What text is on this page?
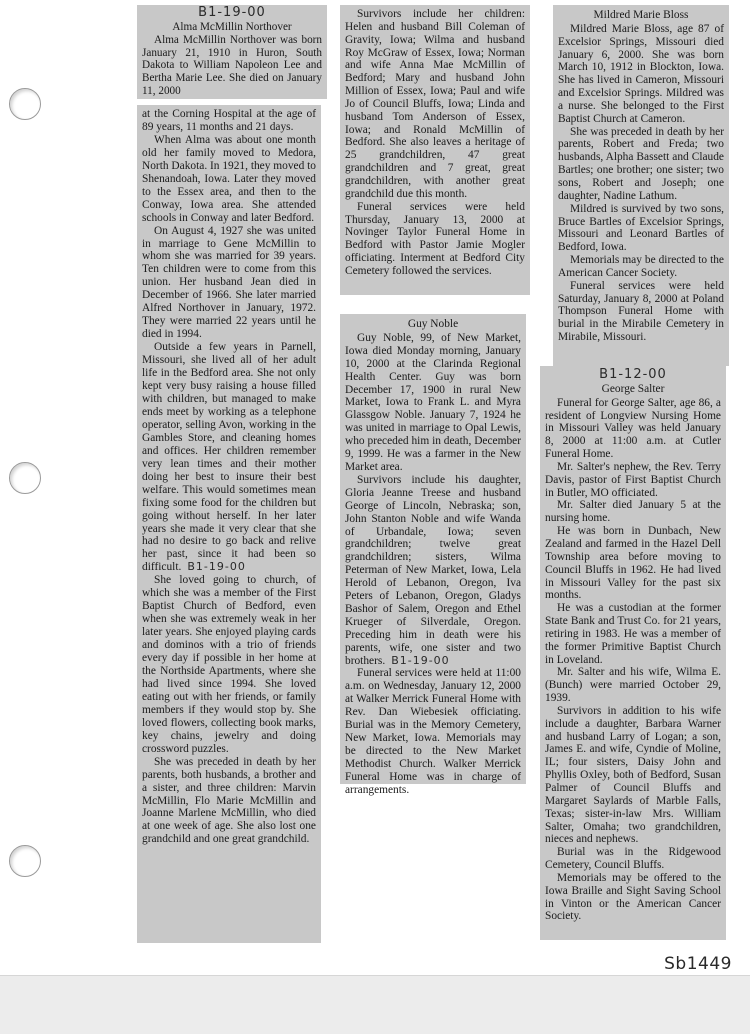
B1-19-00

Alma McMillin Northover

Alma McMillin Northover was born January 21, 1910 in Huron, South Dakota to William Napoleon Lee and Bertha Marie Lee. She died on January 11, 2000

at the Corning Hospital at the age of 89 years, 11 months and 21 days.

When Alma was about one month old her family moved to Medora, North Dakota. In 1921, they moved to Shenandoah, Iowa. Later they moved to the Essex area, and then to the Conway, Iowa area. She attended schools in Conway and later Bedford.

On August 4, 1927 she was united in marriage to Gene McMillin to whom she was married for 39 years. Ten children were to come from this union. Her husband Jean died in December of 1966. She later married Alfred Northover in January, 1972. They were married 22 years until he died in 1994.

Outside a few years in Parnell, Missouri, she lived all of her adult life in the Bedford area. She not only kept very busy raising a house filled with children, but managed to make ends meet by working as a telephone operator, selling Avon, working in the Gambles Store, and cleaning homes and offices. Her children remember very lean times and their mother doing her best to insure their best welfare. This would sometimes mean fixing some food for the children but going without herself. In her later years she made it very clear that she had no desire to go back and relive her past, since it had been so difficult. B1-19-00

She loved going to church, of which she was a member of the First Baptist Church of Bedford, even when she was extremely weak in her later years. She enjoyed playing cards and dominos with a trio of friends every day if possible in her home at the Northside Apartments, where she had lived since 1994. She loved eating out with her friends, or family members if they would stop by. She loved flowers, collecting book marks, key chains, jewelry and doing crossword puzzles.

She was preceded in death by her parents, both husbands, a brother and a sister, and three children: Marvin McMillin, Flo Marie McMillin and Joanne Marlene McMillin, who died at one week of age. She also lost one grandchild and one great grandchild.

Survivors include her children: Helen and husband Bill Coleman of Gravity, Iowa; Wilma and husband Roy McGraw of Essex, Iowa; Norman and wife Anna Mae McMillin of Bedford; Mary and husband John Million of Essex, Iowa; Paul and wife Jo of Council Bluffs, Iowa; Linda and husband Tom Anderson of Essex, Iowa; and Ronald McMillin of Bedford. She also leaves a heritage of 25 grandchildren, 47 great grandchildren and 7 great, great grandchildren, with another great grandchild due this month.

Funeral services were held Thursday, January 13, 2000 at Novinger Taylor Funeral Home in Bedford with Pastor Jamie Mogler officiating. Interment at Bedford City Cemetery followed the services.

Guy Noble

Guy Noble, 99, of New Market, Iowa died Monday morning, January 10, 2000 at the Clarinda Regional Health Center. Guy was born December 17, 1900 in rural New Market, Iowa to Frank L. and Myra Glassgow Noble. January 7, 1924 he was united in marriage to Opal Lewis, who preceded him in death, December 9, 1999. He was a farmer in the New Market area.

Survivors include his daughter, Gloria Jeanne Treese and husband George of Lincoln, Nebraska; son, John Stanton Noble and wife Wanda of Urbandale, Iowa; seven grandchildren; twelve great grandchildren; sisters, Wilma Peterman of New Market, Iowa, Lela Herold of Lebanon, Oregon, Iva Peters of Lebanon, Oregon, Gladys Bashor of Salem, Oregon and Ethel Krueger of Silverdale, Oregon. Preceding him in death were his parents, wife, one sister and two brothers. B1-19-00

Funeral services were held at 11:00 a.m. on Wednesday, January 12, 2000 at Walker Merrick Funeral Home with Rev. Dan Wiebesiek officiating. Burial was in the Memory Cemetery, New Market, Iowa. Memorials may be directed to the New Market Methodist Church. Walker Merrick Funeral Home was in charge of arrangements.

Mildred Marie Bloss

Mildred Marie Bloss, age 87 of Excelsior Springs, Missouri died January 6, 2000. She was born March 10, 1912 in Blockton, Iowa. She has lived in Cameron, Missouri and Excelsior Springs. Mildred was a nurse. She belonged to the First Baptist Church at Cameron.

She was preceded in death by her parents, Robert and Freda; two husbands, Alpha Bassett and Claude Bartles; one brother; one sister; two sons, Robert and Joseph; one daughter, Nadine Lathum.

Mildred is survived by two sons, Bruce Bartles of Excelsior Springs, Missouri and Leonard Bartles of Bedford, Iowa.

Memorials may be directed to the American Cancer Society.

Funeral services were held Saturday, January 8, 2000 at Poland Thompson Funeral Home with burial in the Mirabile Cemetery in Mirabile, Missouri.

B1-12-00

George Salter

Funeral for George Salter, age 86, a resident of Longview Nursing Home in Missouri Valley was held January 8, 2000 at 11:00 a.m. at Cutler Funeral Home.

Mr. Salter's nephew, the Rev. Terry Davis, pastor of First Baptist Church in Butler, MO officiated.

Mr. Salter died January 5 at the nursing home.

He was born in Dunbach, New Zealand and farmed in the Hazel Dell Township area before moving to Council Bluffs in 1962. He had lived in Missouri Valley for the past six months.

He was a custodian at the former State Bank and Trust Co. for 21 years, retiring in 1983. He was a member of the former Primitive Baptist Church in Loveland.

Mr. Salter and his wife, Wilma E. (Bunch) were married October 29, 1939.

Survivors in addition to his wife include a daughter, Barbara Warner and husband Larry of Logan; a son, James E. and wife, Cyndie of Moline, IL; four sisters, Daisy John and Phyllis Oxley, both of Bedford, Susan Palmer of Council Bluffs and Margaret Saylards of Marble Falls, Texas; sister-in-law Mrs. William Salter, Omaha; two grandchildren, nieces and nephews.

Burial was in the Ridgewood Cemetery, Council Bluffs.

Memorials may be offered to the Iowa Braille and Sight Saving School in Vinton or the American Cancer Society.

Sb1449
